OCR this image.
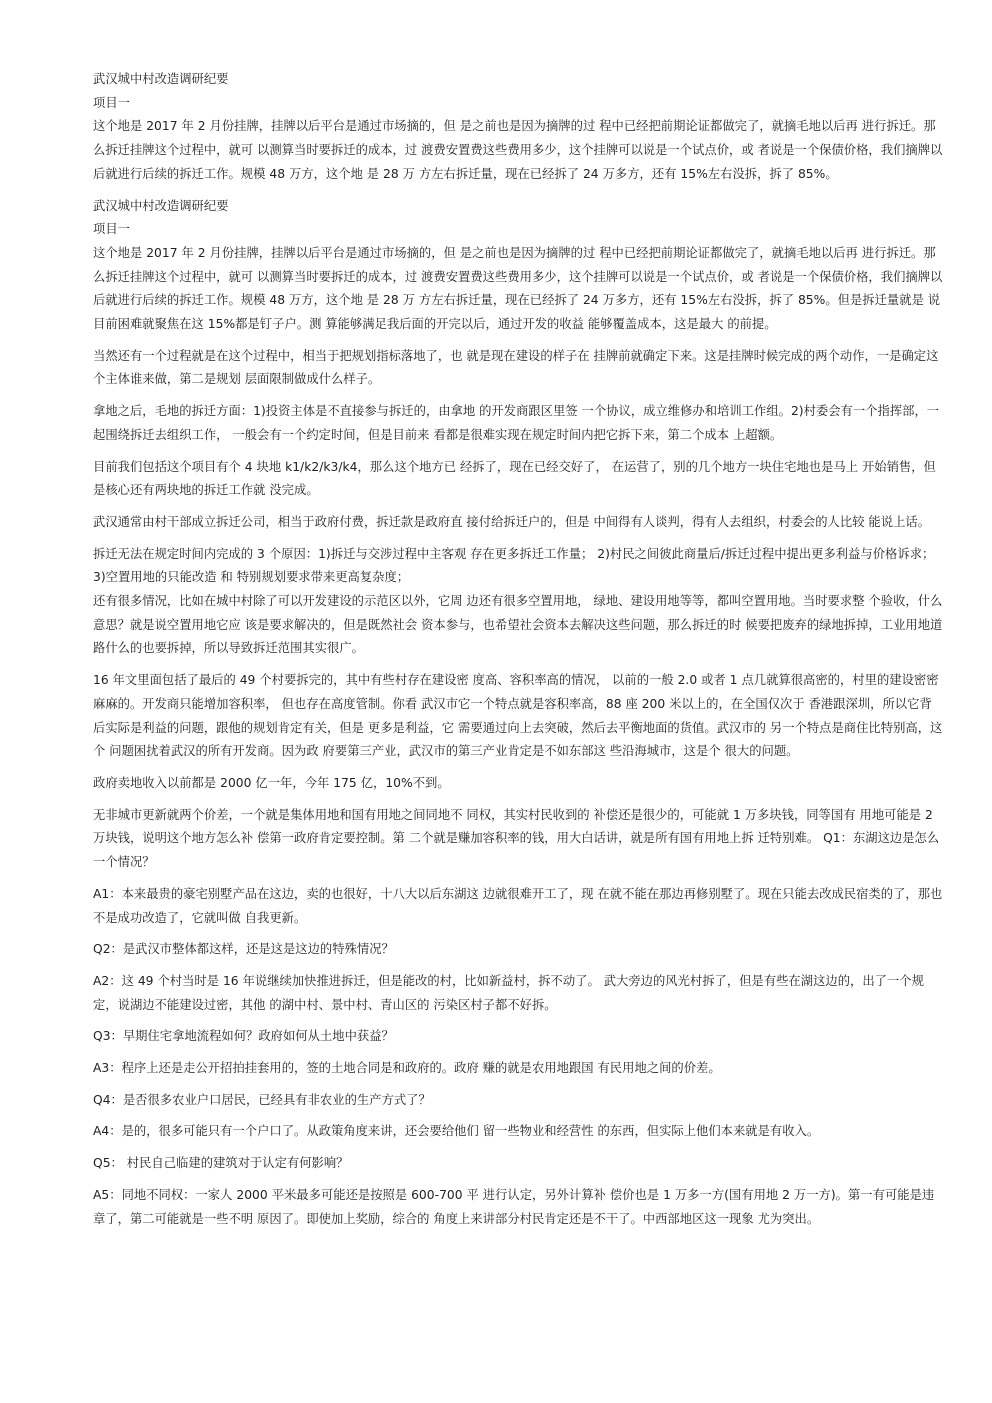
武汉城中村改造调研纪要

项目一

这个地是 2017 年 2 月份挂牌，挂牌以后平台是通过市场摘的，但 是之前也是因为摘牌的过 程中已经把前期论证都做完了，就摘毛地以后再 进行拆迁。那么拆迁挂牌这个过程中，就可 以测算当时要拆迁的成本，过 渡费安置费这些费用多少，这个挂牌可以说是一个试点价，或 者说是一个保债价格，我们摘牌以后就进行后续的拆迁工作。规模 48 万方，这个地 是 28 万 方左右拆迁量，现在已经拆了 24 万多方，还有 15%左右没拆，拆了 85%。

武汉城中村改造调研纪要

项目一

这个地是 2017 年 2 月份挂牌，挂牌以后平台是通过市场摘的，但 是之前也是因为摘牌的过 程中已经把前期论证都做完了，就摘毛地以后再 进行拆迁。那么拆迁挂牌这个过程中，就可 以测算当时要拆迁的成本，过 渡费安置费这些费用多少，这个挂牌可以说是一个试点价，或 者说是一个保债价格，我们摘牌以后就进行后续的拆迁工作。规模 48 万方，这个地 是 28 万 方左右拆迁量，现在已经拆了 24 万多方，还有 15%左右没拆，拆了 85%。但是拆迁量就是 说目前困难就聚焦在这 15%都是钉子户。测 算能够满足我后面的开完以后，通过开发的收益 能够覆盖成本，这是最大 的前提。

当然还有一个过程就是在这个过程中，相当于把规划指标落地了，也 就是现在建设的样子在 挂牌前就确定下来。这是挂牌时候完成的两个动作，一是确定这个主体谁来做，第二是规划 层面限制做成什么样子。

拿地之后，毛地的拆迁方面：1)投资主体是不直接参与拆迁的，由拿地 的开发商跟区里签 一个协议，成立维修办和培训工作组。2)村委会有一个指挥部，一起围绕拆迁去组织工作， 一般会有一个约定时间，但是目前来 看都是很难实现在规定时间内把它拆下来，第二个成本 上超额。

目前我们包括这个项目有个 4 块地 k1/k2/k3/k4，那么这个地方已 经拆了，现在已经交好了， 在运营了，别的几个地方一块住宅地也是马上 开始销售，但是核心还有两块地的拆迁工作就 没完成。

武汉通常由村干部成立拆迁公司，相当于政府付费，拆迁款是政府直 接付给拆迁户的，但是 中间得有人谈判，得有人去组织，村委会的人比较 能说上话。

拆迁无法在规定时间内完成的 3 个原因：1)拆迁与交涉过程中主客观 存在更多拆迁工作量； 2)村民之间彼此商量后/拆迁过程中提出更多利益与价格诉求；3)空置用地的只能改造 和 特别规划要求带来更高复杂度；

还有很多情况，比如在城中村除了可以开发建设的示范区以外，它周 边还有很多空置用地， 绿地、建设用地等等，都叫空置用地。当时要求整 个验收，什么意思？就是说空置用地它应 该是要求解决的，但是既然社会 资本参与，也希望社会资本去解决这些问题，那么拆迁的时 候要把废弃的绿地拆掉，工业用地道路什么的也要拆掉，所以导致拆迁范围其实很广。

16 年文里面包括了最后的 49 个村要拆完的，其中有些村存在建设密 度高、容积率高的情况， 以前的一般 2.0 或者 1 点几就算很高密的，村里的建设密密麻麻的。开发商只能增加容积率， 但也存在高度管制。你看 武汉市它一个特点就是容积率高，88 座 200 米以上的，在全国仅次于 香港跟深圳，所以它背后实际是利益的问题，跟他的规划肯定有关，但是 更多是利益，它 需要通过向上去突破，然后去平衡地面的货值。武汉市的 另一个特点是商住比特别高，这个 问题困扰着武汉的所有开发商。因为政 府要第三产业，武汉市的第三产业肯定是不如东部这 些沿海城市，这是个 很大的问题。

政府卖地收入以前都是 2000 亿一年，今年 175 亿，10%不到。

无非城市更新就两个价差，一个就是集体用地和国有用地之间同地不 同权，其实村民收到的 补偿还是很少的，可能就 1 万多块钱，同等国有 用地可能是 2 万块钱，说明这个地方怎么补 偿第一政府肯定要控制。第 二个就是赚加容积率的钱，用大白话讲，就是所有国有用地上拆 迁特别难。 Q1：东湖这边是怎么一个情况？

A1：本来最贵的豪宅别墅产品在这边，卖的也很好，十八大以后东湖这 边就很难开工了，现 在就不能在那边再修别墅了。现在只能去改成民宿类的了，那也不是成功改造了，它就叫做 自我更新。

Q2：是武汉市整体都这样，还是这是这边的特殊情况？

A2：这 49 个村当时是 16 年说继续加快推进拆迁，但是能改的村，比如新益村，拆不动了。 武大旁边的风光村拆了，但是有些在湖这边的，出了一个规定，说湖边不能建设过密，其他 的湖中村、景中村、青山区的 污染区村子都不好拆。

Q3：早期住宅拿地流程如何？政府如何从土地中获益？

A3：程序上还是走公开招拍挂套用的，签的土地合同是和政府的。政府 赚的就是农用地跟国 有民用地之间的价差。

Q4：是否很多农业户口居民，已经具有非农业的生产方式了？

A4：是的，很多可能只有一个户口了。从政策角度来讲，还会要给他们 留一些物业和经营性 的东西，但实际上他们本来就是有收入。

Q5： 村民自己临建的建筑对于认定有何影响？

A5：同地不同权：一家人 2000 平米最多可能还是按照是 600-700 平 进行认定，另外计算补 偿价也是 1 万多一方(国有用地 2 万一方)。第一有可能是违章了，第二可能就是一些不明 原因了。即使加上奖励，综合的 角度上来讲部分村民肯定还是不干了。中西部地区这一现象 尤为突出。
